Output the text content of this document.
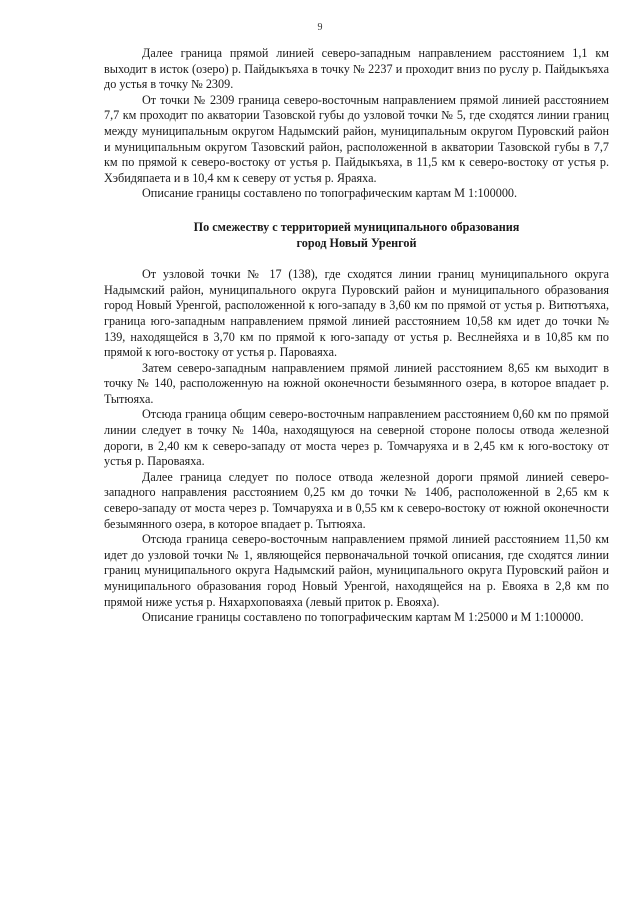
9

Далее граница прямой линией северо-западным направлением расстоянием 1,1 км выходит в исток (озеро) р. Пайдыкъяха в точку № 2237 и проходит вниз по руслу р. Пайдыкъяха до устья в точку № 2309.

От точки № 2309 граница северо-восточным направлением прямой линией расстоянием 7,7 км проходит по акватории Тазовской губы до узловой точки № 5, где сходятся линии границ между муниципальным округом Надымский район, муниципальным округом Пуровский район и муниципальным округом Тазовский район, расположенной в акватории Тазовской губы в 7,7 км по прямой к северо-востоку от устья р. Пайдыкъяха, в 11,5 км к северо-востоку от устья р. Хэбидяпаета и в 10,4 км к северу от устья р. Яраяха.

Описание границы составлено по топографическим картам М 1:100000.

По смежеству с территорией муниципального образования
город Новый Уренгой

От узловой точки № 17 (138), где сходятся линии границ муниципального округа Надымский район, муниципального округа Пуровский район и муниципального образования город Новый Уренгой, расположенной к юго-западу в 3,60 км по прямой от устья р. Витютъяха, граница юго-западным направлением прямой линией расстоянием 10,58 км идет до точки № 139, находящейся в 3,70 км по прямой к юго-западу от устья р. Веслнейяха и в 10,85 км по прямой к юго-востоку от устья р. Пароваяха.

Затем северо-западным направлением прямой линией расстоянием 8,65 км выходит в точку № 140, расположенную на южной оконечности безымянного озера, в которое впадает р. Тытюяха.

Отсюда граница общим северо-восточным направлением расстоянием 0,60 км по прямой линии следует в точку № 140а, находящуюся на северной стороне полосы отвода железной дороги, в 2,40 км к северо-западу от моста через р. Томчаруяха и в 2,45 км к юго-востоку от устья р. Пароваяха.

Далее граница следует по полосе отвода железной дороги прямой линией северо-западного направления расстоянием 0,25 км до точки № 140б, расположенной в 2,65 км к северо-западу от моста через р. Томчаруяха и в 0,55 км к северо-востоку от южной оконечности безымянного озера, в которое впадает р. Тытюяха.

Отсюда граница северо-восточным направлением прямой линией расстоянием 11,50 км идет до узловой точки № 1, являющейся первоначальной точкой описания, где сходятся линии границ муниципального округа Надымский район, муниципального округа Пуровский район и муниципального образования город Новый Уренгой, находящейся на р. Евояха в 2,8 км по прямой ниже устья р. Няхархоповаяха (левый приток р. Евояха).

Описание границы составлено по топографическим картам М 1:25000 и М 1:100000.
